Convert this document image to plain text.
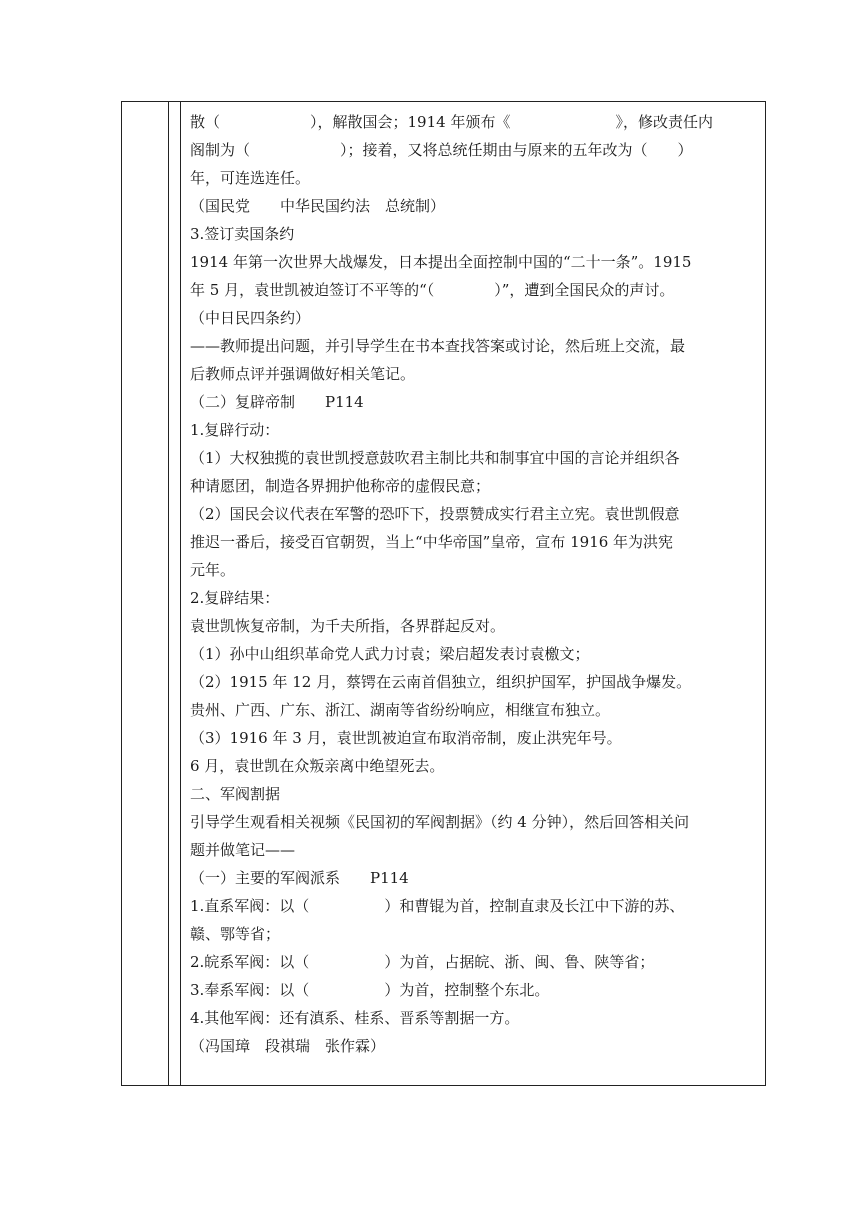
散（　　　　　　），解散国会；1914 年颁布《　　　　　　　》，修改责任内
阁制为（　　　　　　）；接着，又将总统任期由与原来的五年改为（　　）
年，可连选连任。
（国民党　　中华民国约法　总统制）
3.签订卖国条约
1914 年第一次世界大战爆发，日本提出全面控制中国的“二十一条”。1915
年 5 月，袁世凯被迫签订不平等的“（　　　　）”，遭到全国民众的声讨。
（中日民四条约）
——教师提出问题，并引导学生在书本查找答案或讨论，然后班上交流，最
后教师点评并强调做好相关笔记。
（二）复辟帝制　　P114
1.复辟行动：
（1）大权独揽的袁世凯授意鼓吹君主制比共和制事宜中国的言论并组织各
种请愿团，制造各界拥护他称帝的虚假民意；
（2）国民会议代表在军警的恐吓下，投票赞成实行君主立宪。袁世凯假意
推迟一番后，接受百官朝贺，当上“中华帝国”皇帝，宣布 1916 年为洪宪
元年。
2.复辟结果：
袁世凯恢复帝制，为千夫所指，各界群起反对。
（1）孙中山组织革命党人武力讨袁；梁启超发表讨袁檄文；
（2）1915 年 12 月，蔡锷在云南首倡独立，组织护国军，护国战争爆发。
贵州、广西、广东、浙江、湖南等省纷纷响应，相继宣布独立。
（3）1916 年 3 月，袁世凯被迫宣布取消帝制，废止洪宪年号。
6 月，袁世凯在众叛亲离中绝望死去。
二、军阀割据
引导学生观看相关视频《民国初的军阀割据》（约 4 分钟），然后回答相关问
题并做笔记——
（一）主要的军阀派系　　P114
1.直系军阀：以（　　　　　）和曹锟为首，控制直隶及长江中下游的苏、
赣、鄂等省；
2.皖系军阀：以（　　　　　）为首，占据皖、浙、闽、鲁、陕等省；
3.奉系军阀：以（　　　　　）为首，控制整个东北。
4.其他军阀：还有滇系、桂系、晋系等割据一方。
（冯国璋　段祺瑞　张作霖）
